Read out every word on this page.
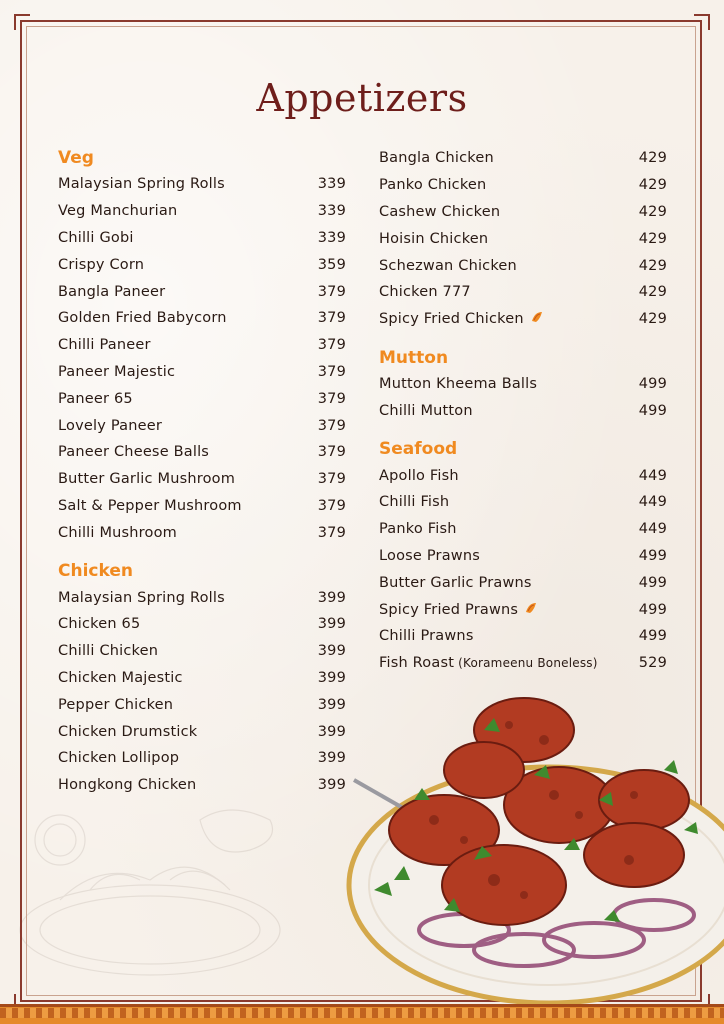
Appetizers
Veg
Malaysian Spring Rolls	339
Veg Manchurian	339
Chilli Gobi	339
Crispy Corn	359
Bangla Paneer	379
Golden Fried Babycorn	379
Chilli Paneer	379
Paneer Majestic	379
Paneer 65	379
Lovely Paneer	379
Paneer Cheese Balls	379
Butter Garlic Mushroom	379
Salt & Pepper Mushroom	379
Chilli Mushroom	379
Chicken
Malaysian Spring Rolls	399
Chicken 65	399
Chilli Chicken	399
Chicken Majestic	399
Pepper Chicken	399
Chicken Drumstick	399
Chicken Lollipop	399
Hongkong Chicken	399
Bangla Chicken	429
Panko Chicken	429
Cashew Chicken	429
Hoisin Chicken	429
Schezwan Chicken	429
Chicken 777	429
Spicy Fried Chicken	429
Mutton
Mutton Kheema Balls	499
Chilli Mutton	499
Seafood
Apollo Fish	449
Chilli Fish	449
Panko Fish	449
Loose Prawns	499
Butter Garlic Prawns	499
Spicy Fried Prawns	499
Chilli Prawns	499
Fish Roast (Korameenu Boneless)	529
